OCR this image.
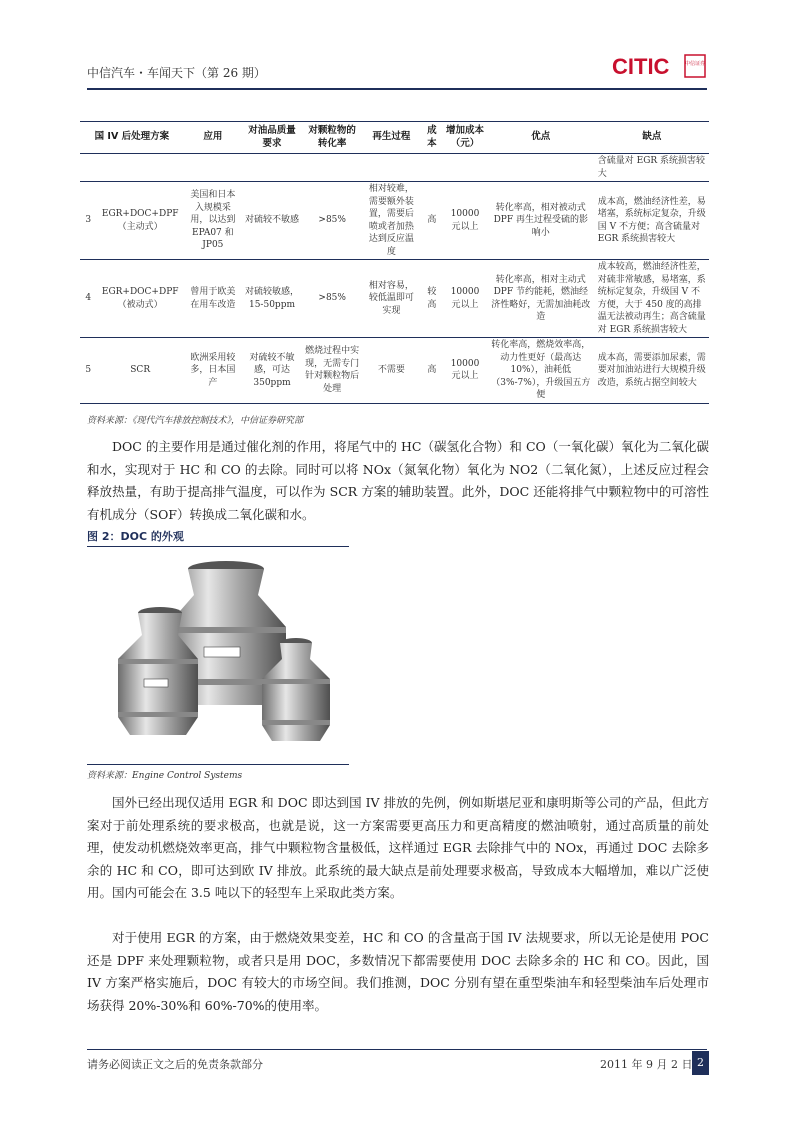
中信汽车・车闻天下（第 26 期）	CITIC	中信证券
国 IV 后处理方案		应用	对油品质量要求	对颗粒物的转化率	再生过程	成本	增加成本（元）	优点	缺点
									含硫量对 EGR 系统损害较大
3	EGR+DOC+DPF（主动式）	美国和日本入规模采用，以达到 EPA07 和 JP05	对硫较不敏感	>85%	相对较难，需要额外装置，需要后喷或者加热达到反应温度	高	10000 元以上	转化率高，相对被动式 DPF 再生过程受硫的影响小	成本高，燃油经济性差，易堵塞，系统标定复杂，升级国 V 不方便；高含硫量对 EGR 系统损害较大
4	EGR+DOC+DPF（被动式）	曾用于欧美在用车改造	对硫较敏感，15-50ppm	>85%	相对容易，较低温即可实现	较高	10000 元以上	转化率高，相对主动式 DPF 节约能耗，燃油经济性略好，无需加油耗改造	成本较高，燃油经济性差，对硫非常敏感，易堵塞，系统标定复杂，升级国 V 不方便，大于 450 度的高排温无法被动再生；高含硫量对 EGR 系统损害较大
5	SCR	欧洲采用较多，日本国产	对硫较不敏感，可达 350ppm	燃烧过程中实现，无需专门针对颗粒物后处理	不需要	高	10000 元以上	转化率高，燃烧效率高，动力性更好（最高达 10%），油耗低（3%-7%），升级国五方便	成本高，需要添加尿素，需要对加油站进行大规模升级改造，系统占据空间较大
资料来源：《现代汽车排放控制技术》，中信证券研究部
DOC 的主要作用是通过催化剂的作用，将尾气中的 HC（碳氢化合物）和 CO（一氧化碳）氧化为二氧化碳和水，实现对于 HC 和 CO 的去除。同时可以将 NOx（氮氧化物）氧化为 NO2（二氧化氮），上述反应过程会释放热量，有助于提高排气温度，可以作为 SCR 方案的辅助装置。此外，DOC 还能将排气中颗粒物中的可溶性有机成分（SOF）转换成二氧化碳和水。
图 2：DOC 的外观
资料来源：Engine Control Systems
国外已经出现仅适用 EGR 和 DOC 即达到国 IV 排放的先例，例如斯堪尼亚和康明斯等公司的产品，但此方案对于前处理系统的要求极高，也就是说，这一方案需要更高压力和更高精度的燃油喷射，通过高质量的前处理，使发动机燃烧效率更高，排气中颗粒物含量极低，这样通过 EGR 去除排气中的 NOx，再通过 DOC 去除多余的 HC 和 CO，即可达到欧 IV 排放。此系统的最大缺点是前处理要求极高，导致成本大幅增加，难以广泛使用。国内可能会在 3.5 吨以下的轻型车上采取此类方案。
对于使用 EGR 的方案，由于燃烧效果变差，HC 和 CO 的含量高于国 IV 法规要求，所以无论是使用 POC 还是 DPF 来处理颗粒物，或者只是用 DOC，多数情况下都需要使用 DOC 去除多余的 HC 和 CO。因此，国 IV 方案严格实施后，DOC 有较大的市场空间。我们推测，DOC 分别有望在重型柴油车和轻型柴油车后处理市场获得 20%-30%和 60%-70%的使用率。
请务必阅读正文之后的免责条款部分	2011 年 9 月 2 日 2
